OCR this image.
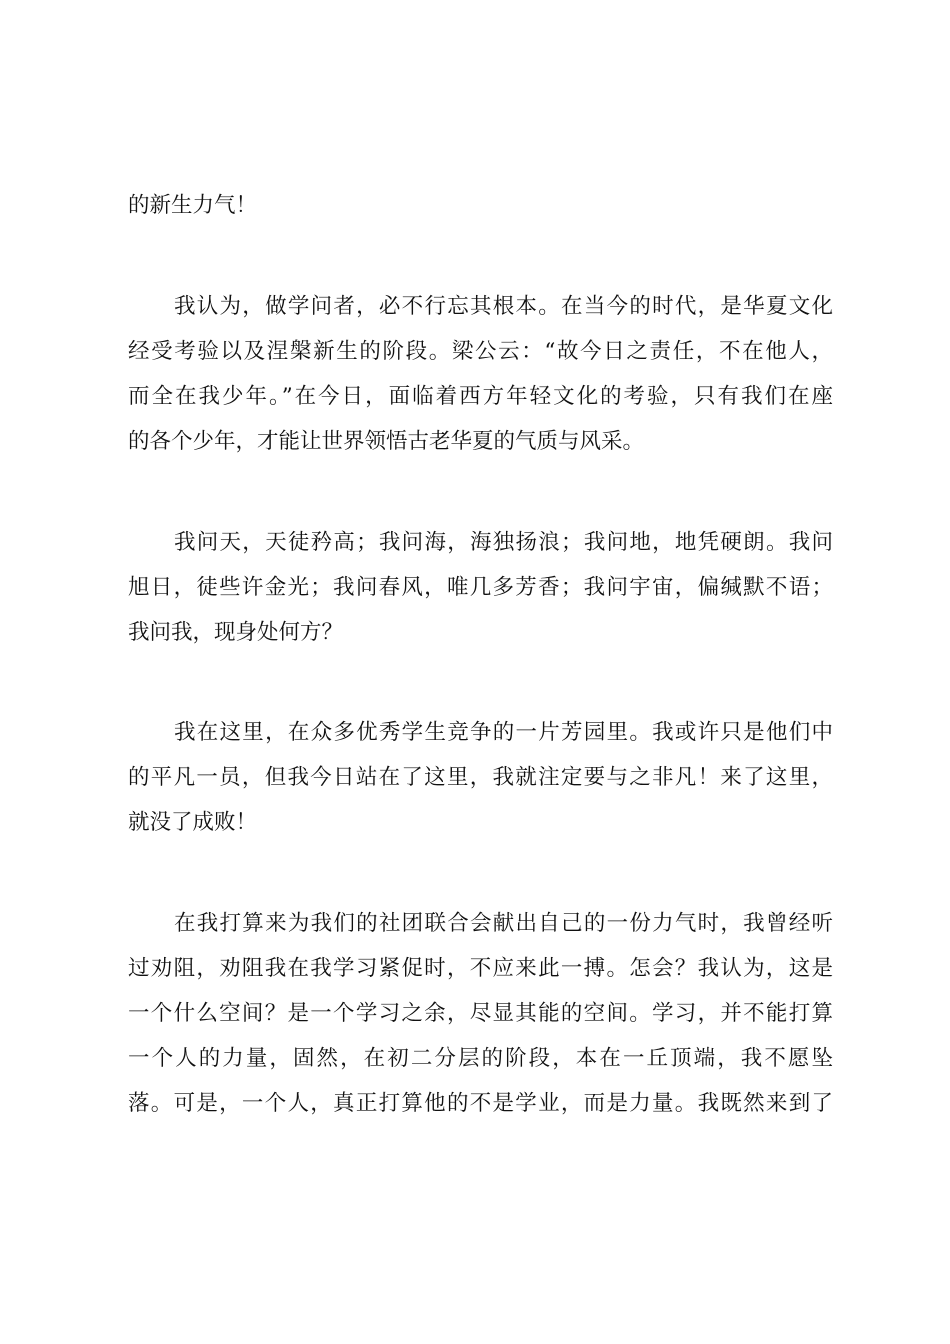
的新生力气！
我认为，做学问者，必不行忘其根本。在当今的时代，是华夏文化
经受考验以及涅槃新生的阶段。梁公云：“故今日之责任，不在他人，
而全在我少年。”在今日，面临着西方年轻文化的考验，只有我们在座
的各个少年，才能让世界领悟古老华夏的气质与风采。
我问天，天徒矜高；我问海，海独扬浪；我问地，地凭硬朗。我问
旭日，徒些许金光；我问春风，唯几多芳香；我问宇宙，偏缄默不语；
我问我，现身处何方？
我在这里，在众多优秀学生竞争的一片芳园里。我或许只是他们中
的平凡一员，但我今日站在了这里，我就注定要与之非凡！来了这里，
就没了成败！
在我打算来为我们的社团联合会献出自己的一份力气时，我曾经听
过劝阻，劝阻我在我学习紧促时，不应来此一搏。怎会？我认为，这是
一个什么空间？是一个学习之余，尽显其能的空间。学习，并不能打算
一个人的力量，固然，在初二分层的阶段，本在一丘顶端，我不愿坠
落。可是，一个人，真正打算他的不是学业，而是力量。我既然来到了
